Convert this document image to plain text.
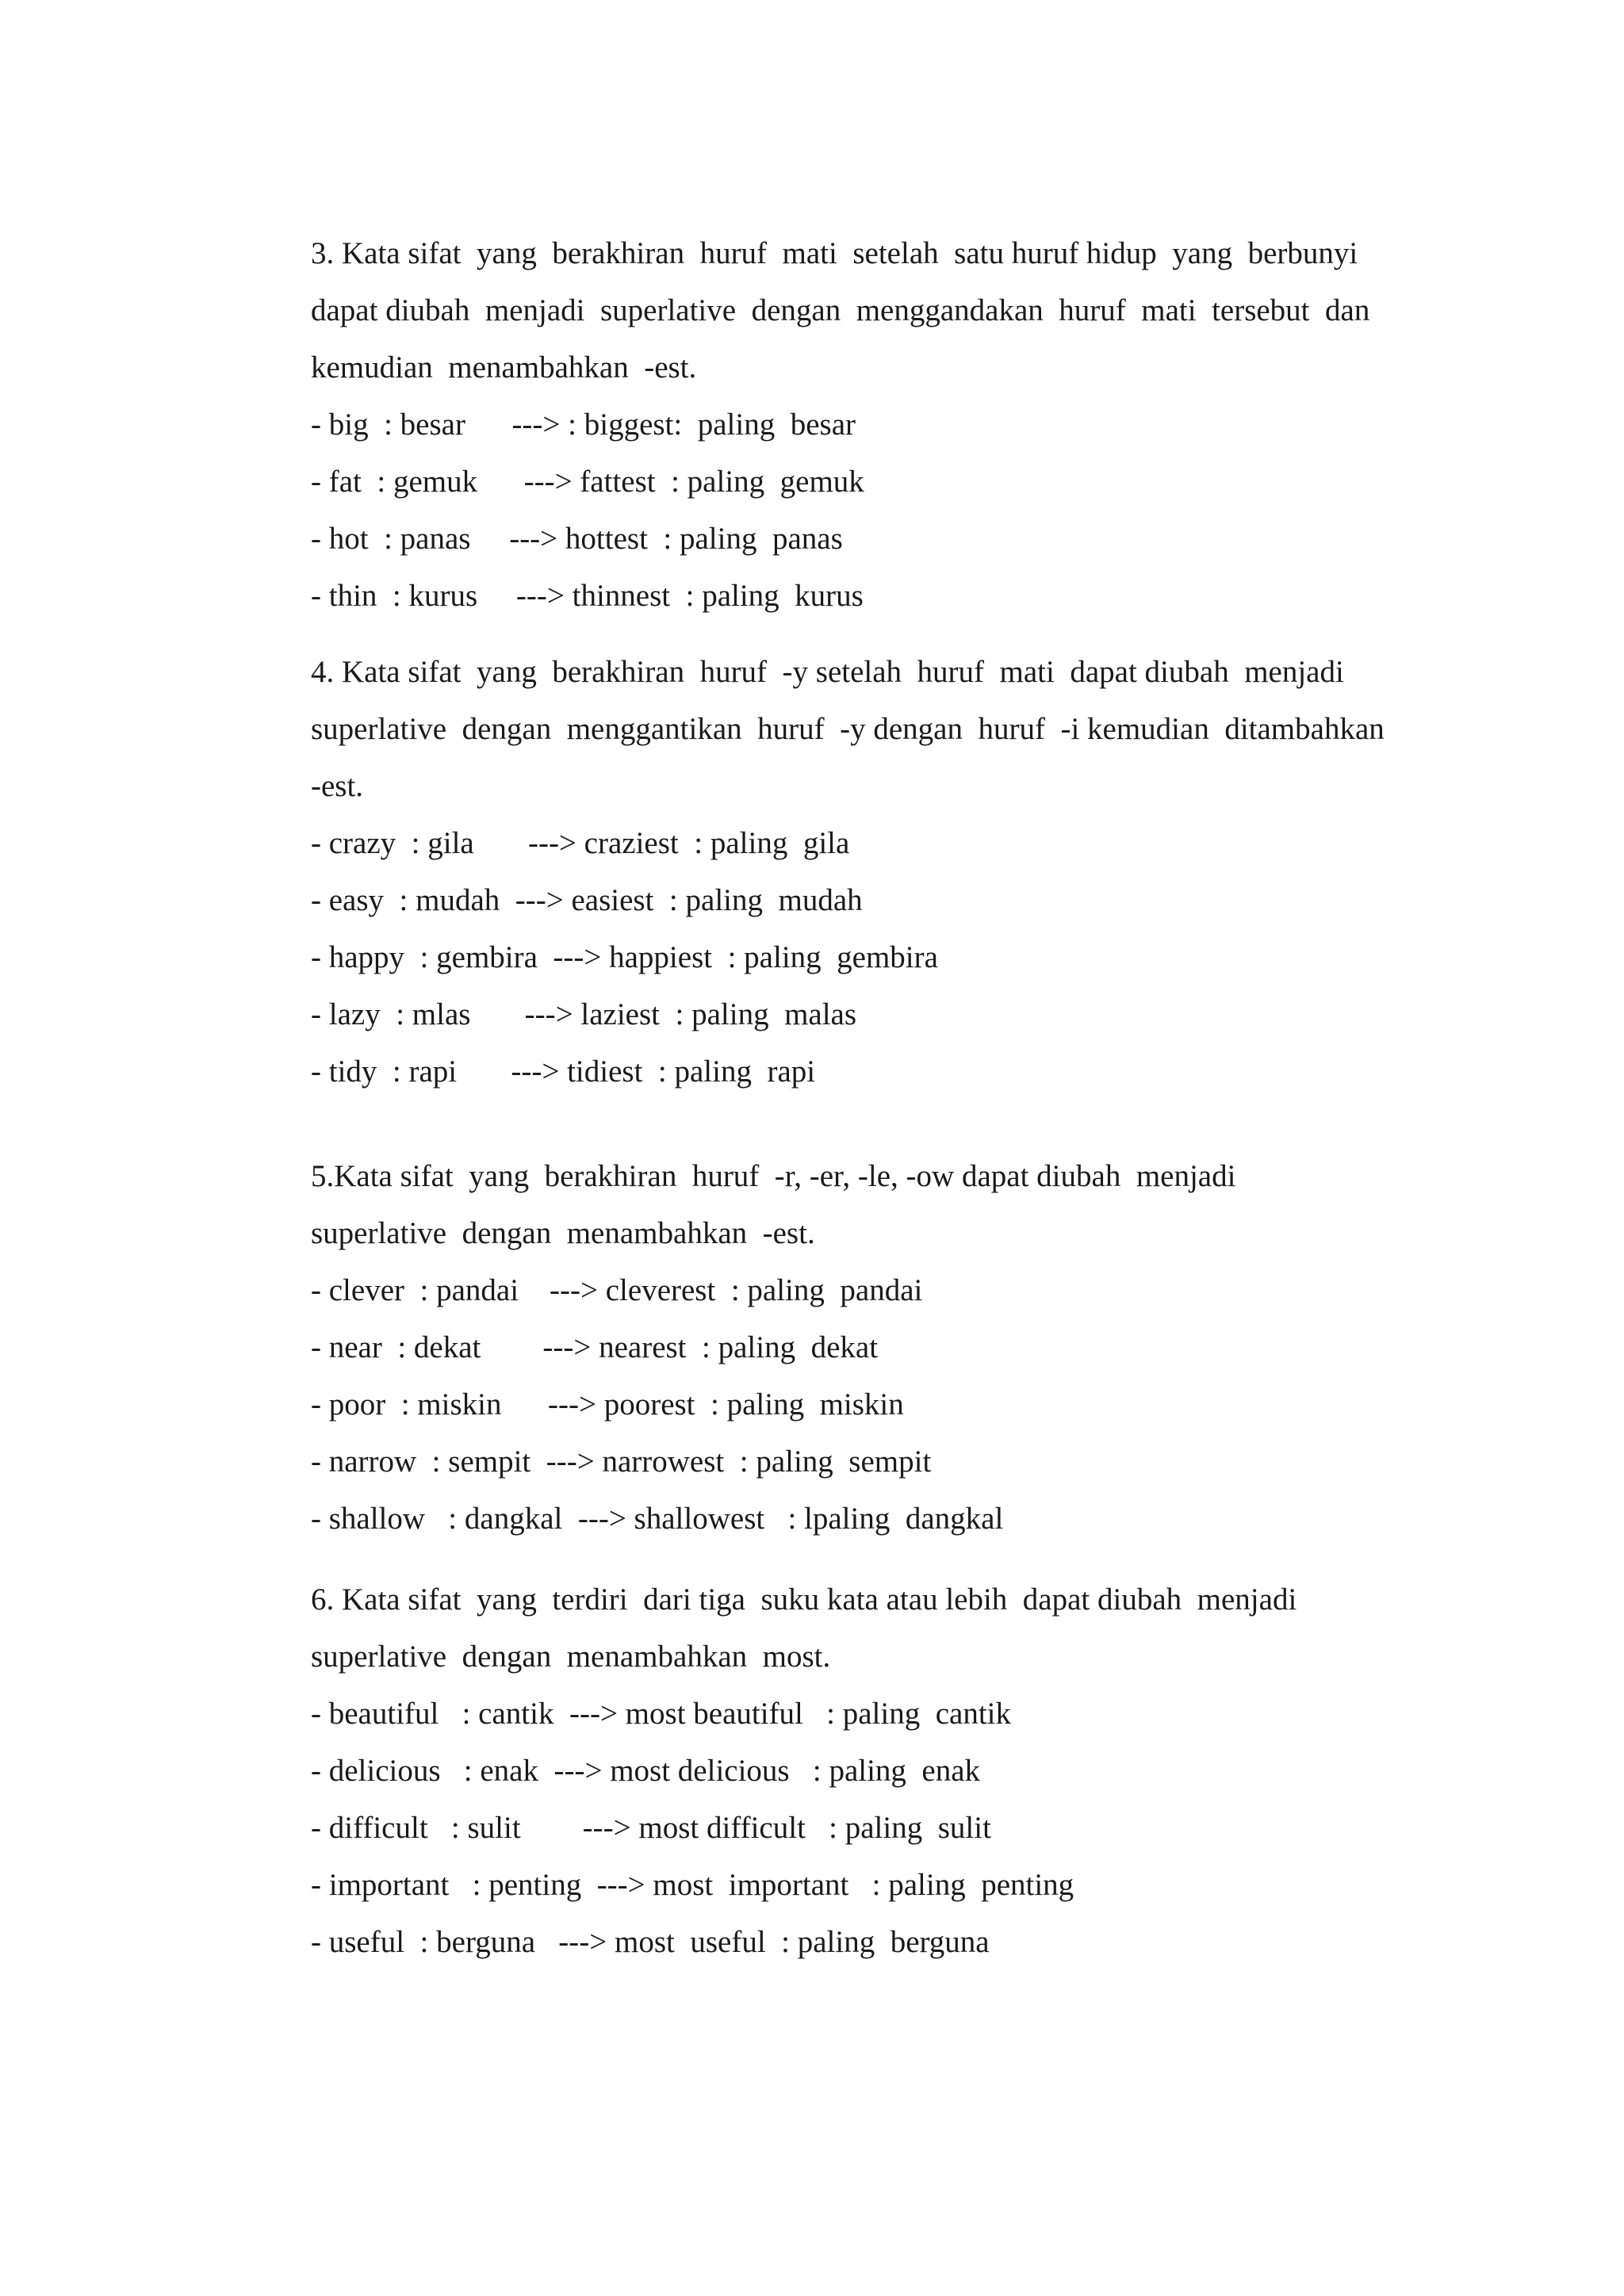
3. Kata sifat  yang  berakhiran  huruf  mati  setelah  satu huruf hidup  yang  berbunyi
dapat diubah  menjadi  superlative  dengan  menggandakan  huruf  mati  tersebut  dan
kemudian  menambahkan  -est.
- big  : besar      ---> : biggest:  paling  besar
- fat  : gemuk      ---> fattest  : paling  gemuk
- hot  : panas     ---> hottest  : paling  panas
- thin  : kurus     ---> thinnest  : paling  kurus
4. Kata sifat  yang  berakhiran  huruf  -y setelah  huruf  mati  dapat diubah  menjadi
superlative  dengan  menggantikan  huruf  -y dengan  huruf  -i kemudian  ditambahkan
-est.
- crazy  : gila       ---> craziest  : paling  gila
- easy  : mudah  ---> easiest  : paling  mudah
- happy  : gembira  ---> happiest  : paling  gembira
- lazy  : mlas       ---> laziest  : paling  malas
- tidy  : rapi       ---> tidiest  : paling  rapi
5.Kata sifat  yang  berakhiran  huruf  -r, -er, -le, -ow dapat diubah  menjadi
superlative  dengan  menambahkan  -est.
- clever  : pandai    ---> cleverest  : paling  pandai
- near  : dekat        ---> nearest  : paling  dekat
- poor  : miskin      ---> poorest  : paling  miskin
- narrow  : sempit  ---> narrowest  : paling  sempit
- shallow   : dangkal  ---> shallowest   : lpaling  dangkal
6. Kata sifat  yang  terdiri  dari tiga  suku kata atau lebih  dapat diubah  menjadi
superlative  dengan  menambahkan  most.
- beautiful   : cantik  ---> most beautiful   : paling  cantik
- delicious   : enak  ---> most delicious   : paling  enak
- difficult   : sulit        ---> most difficult   : paling  sulit
- important   : penting  ---> most  important   : paling  penting
- useful  : berguna   ---> most  useful  : paling  berguna
